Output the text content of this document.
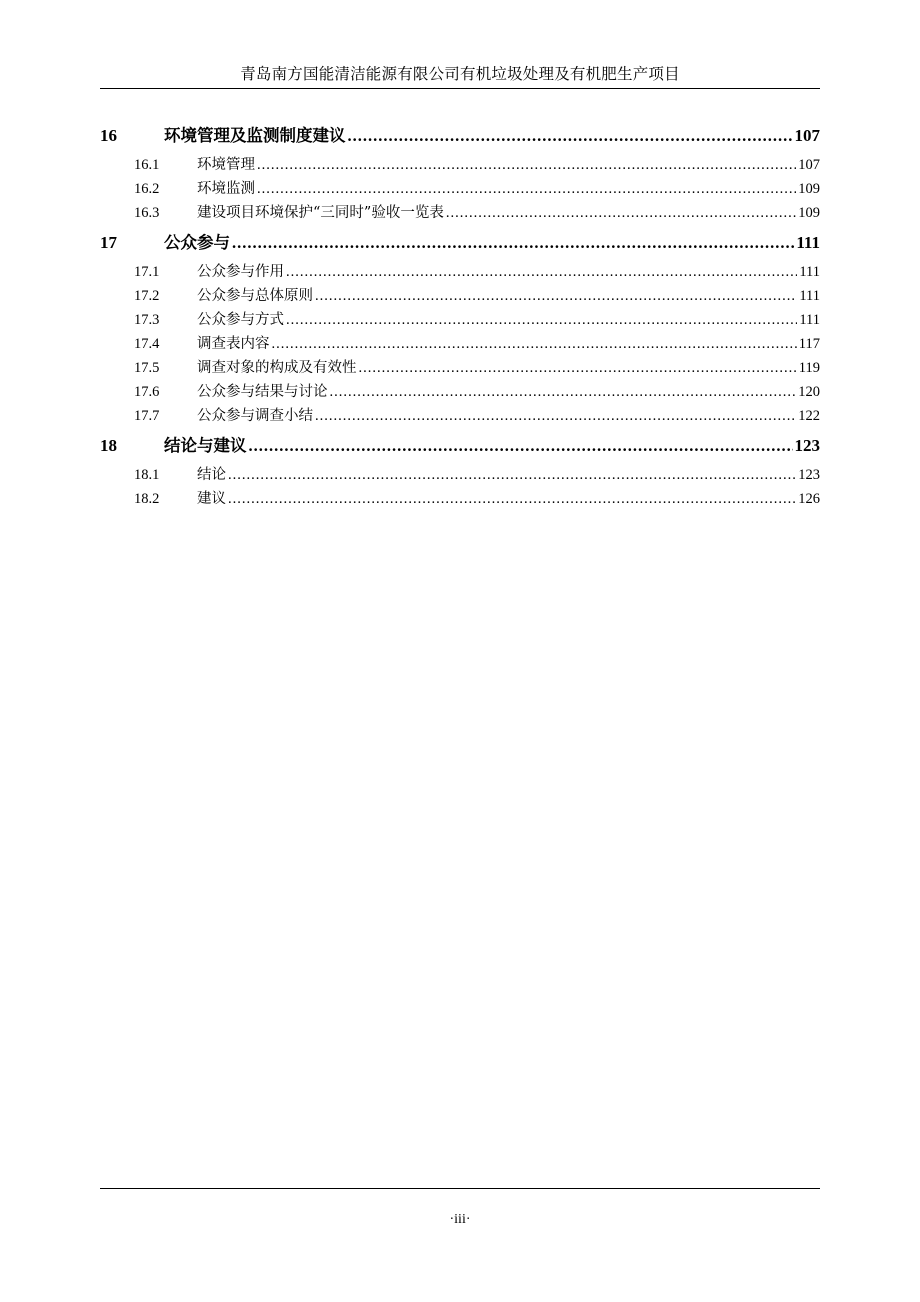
青岛南方国能清洁能源有限公司有机垃圾处理及有机肥生产项目
16	环境管理及监测制度建议 .....	107
16.1	环境管理 .....	107
16.2	环境监测 .....	109
16.3	建设项目环境保护“三同时”验收一览表 .....	109
17	公众参与 .....	111
17.1	公众参与作用 .....	111
17.2	公众参与总体原则 .....	111
17.3	公众参与方式 .....	111
17.4	调查表内容 .....	117
17.5	调查对象的构成及有效性 .....	119
17.6	公众参与结果与讨论 .....	120
17.7	公众参与调查小结 .....	122
18	结论与建议 .....	123
18.1	结论 .....	123
18.2	建议 .....	126
·iii·
